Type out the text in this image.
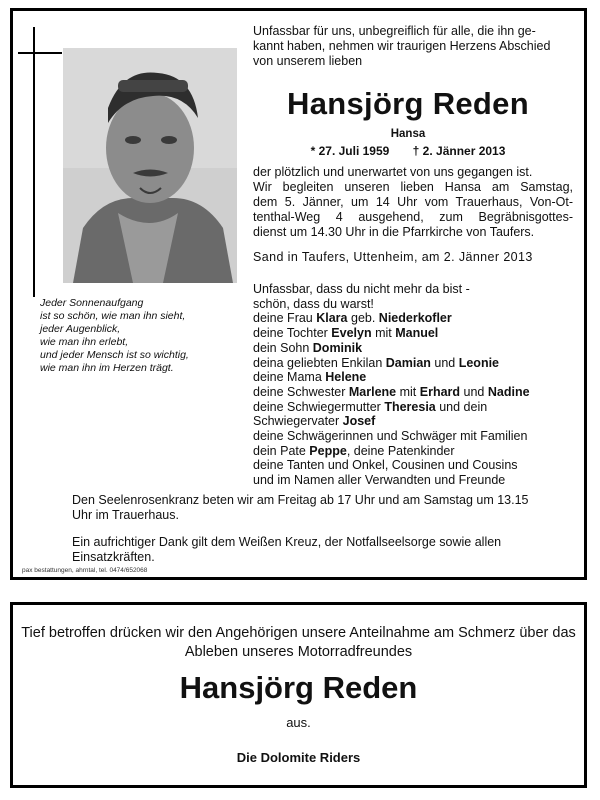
Jeder Sonnenaufgang
ist so schön, wie man ihn sieht,
jeder Augenblick,
wie man ihn erlebt,
und jeder Mensch ist so wichtig,
wie man ihn im Herzen trägt.
Unfassbar für uns, unbegreiflich für alle, die ihn ge-
kannt haben, nehmen wir traurigen Herzens Abschied
von unserem lieben
Hansjörg Reden
Hansa
* 27. Juli 1959 † 2. Jänner 2013
der plötzlich und unerwartet von uns gegangen ist.
Wir begleiten unseren lieben Hansa am Samstag,
dem 5. Jänner, um 14 Uhr vom Trauerhaus, Von-Ot-
tenthal-Weg 4 ausgehend, zum Begräbnisgottes-
dienst um 14.30 Uhr in die Pfarrkirche von Taufers.
Sand in Taufers, Uttenheim, am 2. Jänner 2013
Unfassbar, dass du nicht mehr da bist -
schön, dass du warst!
deine Frau Klara geb. Niederkofler
deine Tochter Evelyn mit Manuel
dein Sohn Dominik
deina geliebten Enkilan Damian und Leonie
deine Mama Helene
deine Schwester Marlene mit Erhard und Nadine
deine Schwiegermutter Theresia und dein
Schwiegervater Josef
deine Schwägerinnen und Schwäger mit Familien
dein Pate Peppe, deine Patenkinder
deine Tanten und Onkel, Cousinen und Cousins
und im Namen aller Verwandten und Freunde
Den Seelenrosenkranz beten wir am Freitag ab 17 Uhr und am Samstag um 13.15 Uhr im Trauerhaus.
Ein aufrichtiger Dank gilt dem Weißen Kreuz, der Notfallseelsorge sowie allen Einsatzkräften.
pax bestattungen, ahrntal, tel. 0474/652068
Tief betroffen drücken wir den Angehörigen unsere Anteilnahme am Schmerz über das Ableben unseres Motorradfreundes
Hansjörg Reden
aus.
Die Dolomite Riders
